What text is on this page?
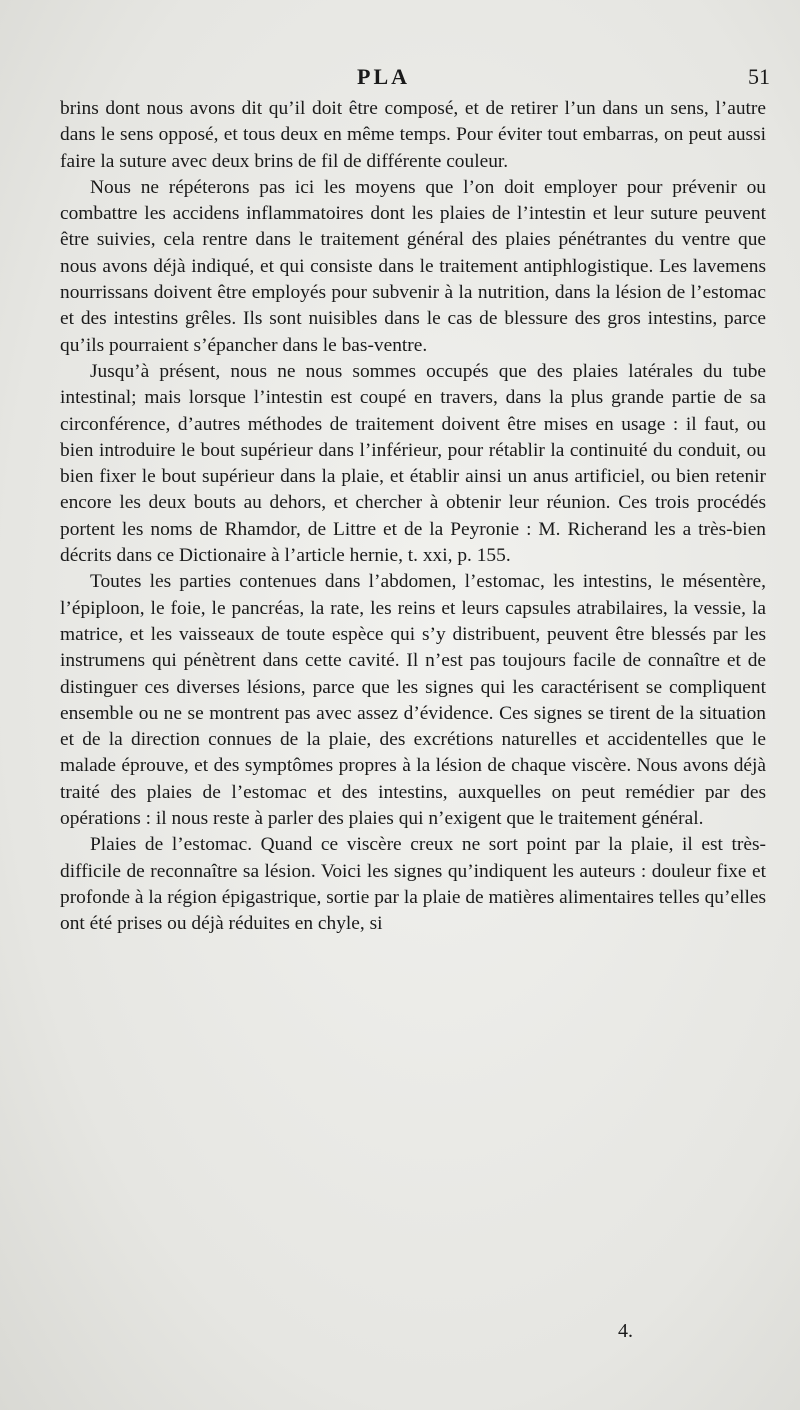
PLA	51

brins dont nous avons dit qu’il doit être composé, et de retirer l’un dans un sens, l’autre dans le sens opposé, et tous deux en même temps. Pour éviter tout embarras, on peut aussi faire la suture avec deux brins de fil de différente couleur.

Nous ne répéterons pas ici les moyens que l’on doit employer pour prévenir ou combattre les accidens inflammatoires dont les plaies de l’intestin et leur suture peuvent être suivies, cela rentre dans le traitement général des plaies pénétrantes du ventre que nous avons déjà indiqué, et qui consiste dans le traitement antiphlogistique. Les lavemens nourrissans doivent être employés pour subvenir à la nutrition, dans la lésion de l’estomac et des intestins grêles. Ils sont nuisibles dans le cas de blessure des gros intestins, parce qu’ils pourraient s’épancher dans le bas-ventre.

Jusqu’à présent, nous ne nous sommes occupés que des plaies latérales du tube intestinal; mais lorsque l’intestin est coupé en travers, dans la plus grande partie de sa circonférence, d’autres méthodes de traitement doivent être mises en usage : il faut, ou bien introduire le bout supérieur dans l’inférieur, pour rétablir la continuité du conduit, ou bien fixer le bout supérieur dans la plaie, et établir ainsi un anus artificiel, ou bien retenir encore les deux bouts au dehors, et chercher à obtenir leur réunion. Ces trois procédés portent les noms de Rhamdor, de Littre et de la Peyronie : M. Richerand les a très-bien décrits dans ce Dictionaire à l’article hernie, t. xxi, p. 155.

Toutes les parties contenues dans l’abdomen, l’estomac, les intestins, le mésentère, l’épiploon, le foie, le pancréas, la rate, les reins et leurs capsules atrabilaires, la vessie, la matrice, et les vaisseaux de toute espèce qui s’y distribuent, peuvent être blessés par les instrumens qui pénètrent dans cette cavité. Il n’est pas toujours facile de connaître et de distinguer ces diverses lésions, parce que les signes qui les caractérisent se compliquent ensemble ou ne se montrent pas avec assez d’évidence. Ces signes se tirent de la situation et de la direction connues de la plaie, des excrétions naturelles et accidentelles que le malade éprouve, et des symptômes propres à la lésion de chaque viscère. Nous avons déjà traité des plaies de l’estomac et des intestins, auxquelles on peut remédier par des opérations : il nous reste à parler des plaies qui n’exigent que le traitement général.

Plaies de l’estomac. Quand ce viscère creux ne sort point par la plaie, il est très-difficile de reconnaître sa lésion. Voici les signes qu’indiquent les auteurs : douleur fixe et profonde à la région épigastrique, sortie par la plaie de matières alimentaires telles qu’elles ont été prises ou déjà réduites en chyle, si

4.
